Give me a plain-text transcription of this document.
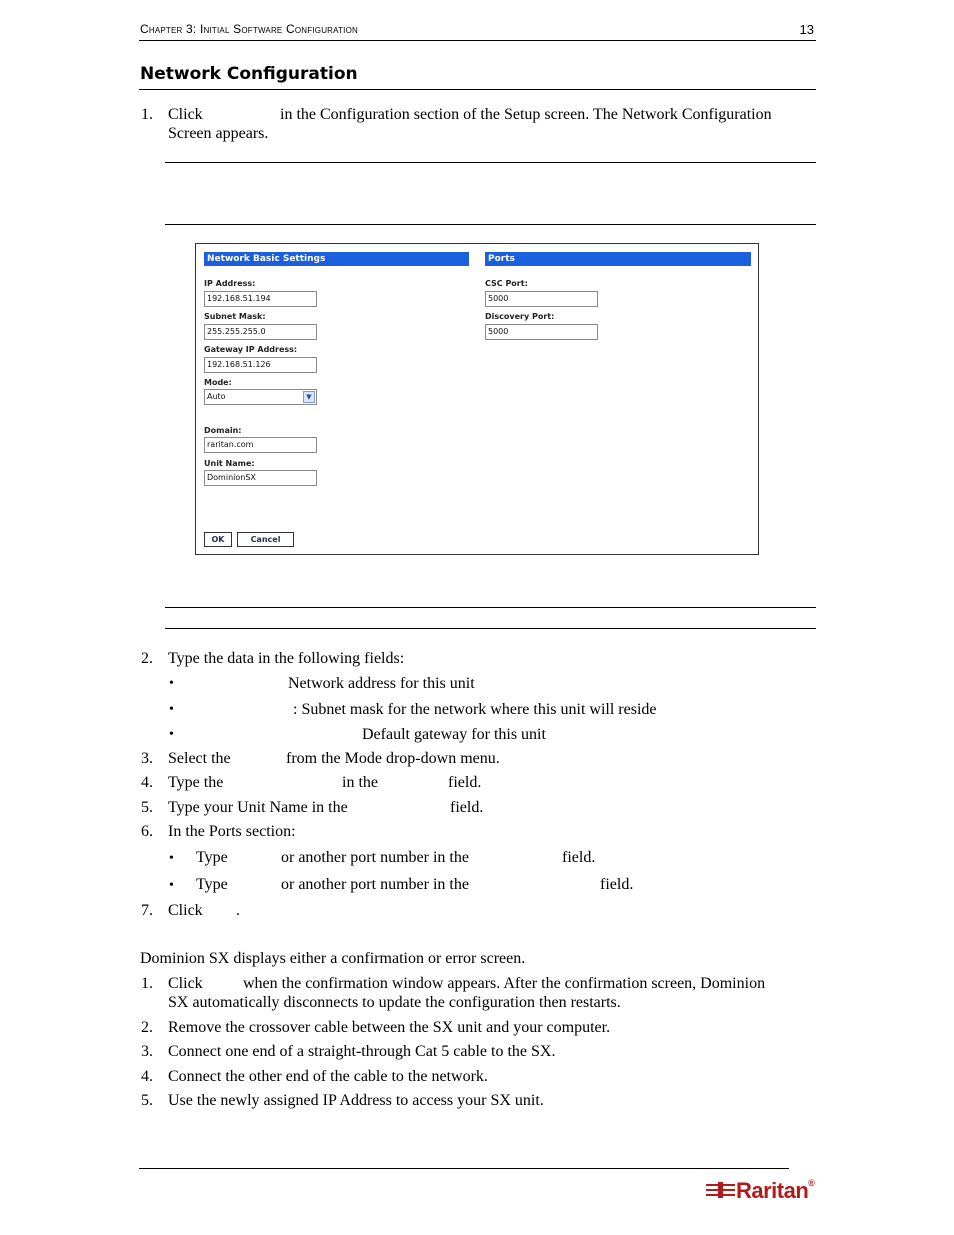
Chapter 3: Initial Software Configuration	13
Network Configuration
1. Click	in the Configuration section of the Setup screen. The Network Configuration
Screen appears.
Network Basic Settings	Ports
IP Address:
192.168.51.194
Subnet Mask:
255.255.255.0
Gateway IP Address:
192.168.51.126
Mode:
Auto	▼
Domain:
raritan.com
Unit Name:
DominionSX
CSC Port:
5000
Discovery Port:
5000
OK	Cancel
2. Type the data in the following fields:
•	Network address for this unit
•	: Subnet mask for the network where this unit will reside
•	Default gateway for this unit
3. Select the	from the Mode drop-down menu.
4. Type the	in the	field.
5. Type your Unit Name in the	field.
6. In the Ports section:
• Type	or another port number in the	field.
• Type	or another port number in the	field.
7. Click .
Dominion SX displays either a confirmation or error screen.
1. Click	when the confirmation window appears. After the confirmation screen, Dominion
SX automatically disconnects to update the configuration then restarts.
2. Remove the crossover cable between the SX unit and your computer.
3. Connect one end of a straight-through Cat 5 cable to the SX.
4. Connect the other end of the cable to the network.
5. Use the newly assigned IP Address to access your SX unit.
Raritan®
